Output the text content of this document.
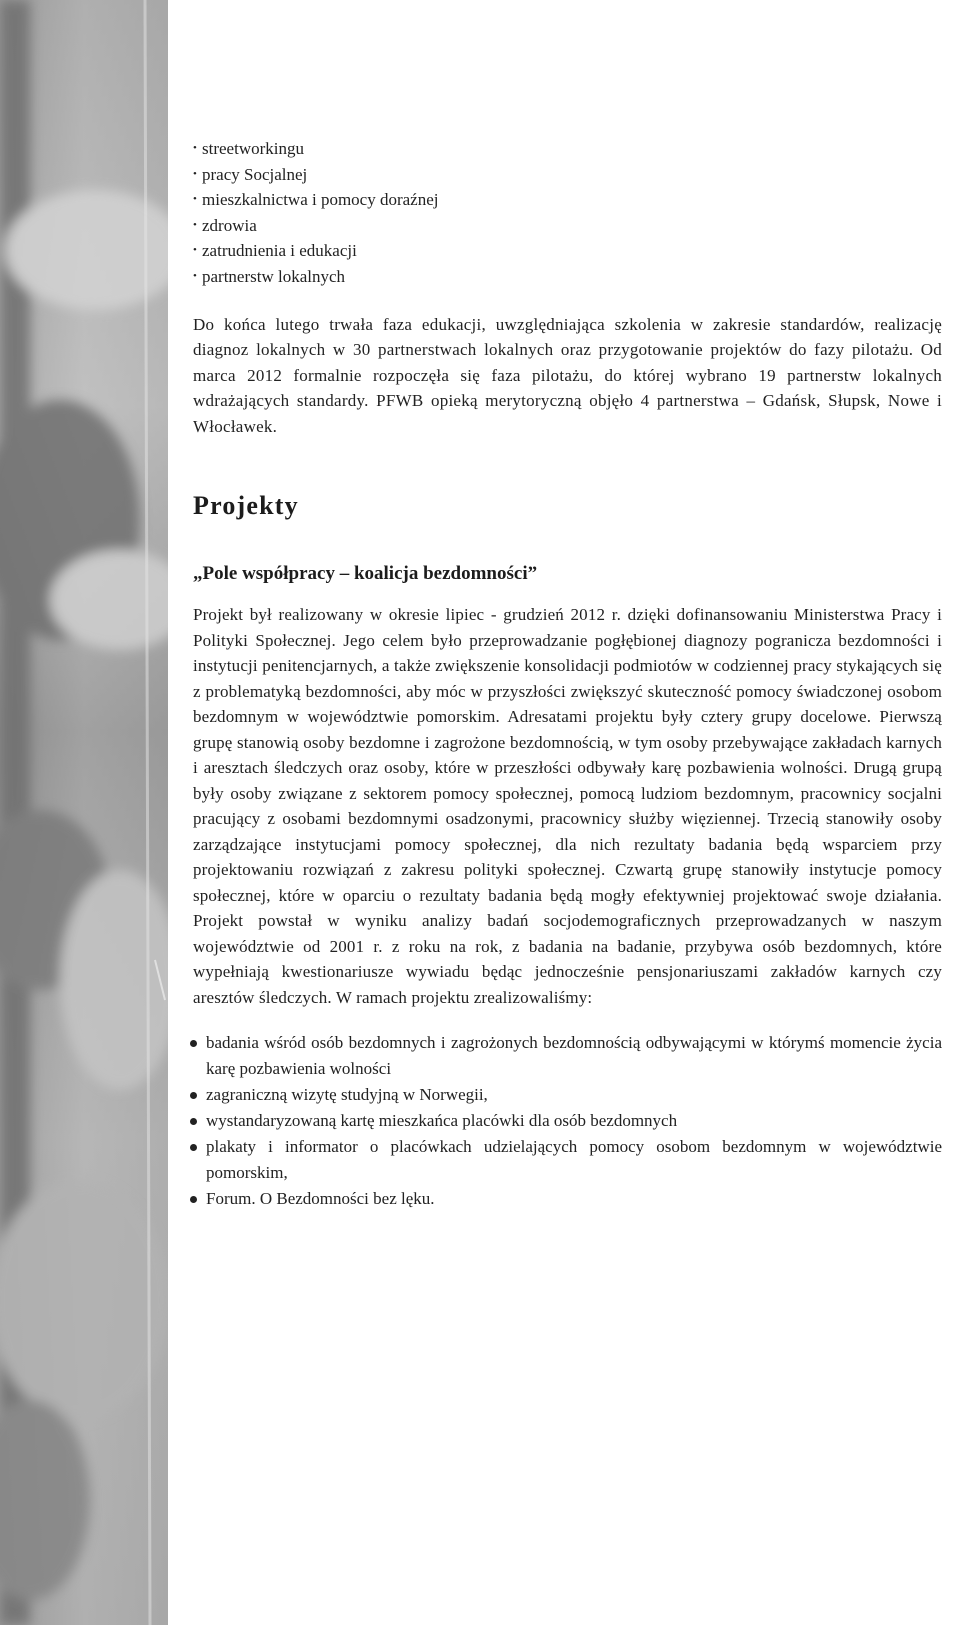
• streetworkingu
• pracy Socjalnej
• mieszkalnictwa i pomocy doraźnej
• zdrowia
• zatrudnienia i edukacji
• partnerstw lokalnych

Do końca lutego trwała faza edukacji, uwzględniająca szkolenia w zakresie standardów, realizację diagnoz lokalnych w 30 partnerstwach lokalnych oraz przygotowanie projektów do fazy pilotażu. Od marca 2012 formalnie rozpoczęła się faza pilotażu, do której wybrano 19 partnerstw lokalnych wdrażających standardy. PFWB opieką merytoryczną objęło 4 partnerstwa – Gdańsk, Słupsk, Nowe i Włocławek.

Projekty
„Pole współpracy – koalicja bezdomności”

Projekt był realizowany w okresie lipiec - grudzień 2012 r. dzięki dofinansowaniu Ministerstwa Pracy i Polityki Społecznej. Jego celem było przeprowadzanie pogłębionej diagnozy pogranicza bezdomności i instytucji penitencjarnych, a także zwiększenie konsolidacji podmiotów w codziennej pracy stykających się z problematyką bezdomności, aby móc w przyszłości zwiększyć skuteczność pomocy świadczonej osobom bezdomnym w województwie pomorskim. Adresatami projektu były cztery grupy docelowe. Pierwszą grupę stanowią osoby bezdomne i zagrożone bezdomnością, w tym osoby przebywające zakładach karnych i aresztach śledczych oraz osoby, które w przeszłości odbywały karę pozbawienia wolności. Drugą grupą były osoby związane z sektorem pomocy społecznej, pomocą ludziom bezdomnym, pracownicy socjalni pracujący z osobami bezdomnymi osadzonymi, pracownicy służby więziennej. Trzecią stanowiły osoby zarządzające instytucjami pomocy społecznej, dla nich rezultaty badania będą wsparciem przy projektowaniu rozwiązań z zakresu polityki społecznej. Czwartą grupę stanowiły instytucje pomocy społecznej, które w oparciu o rezultaty badania będą mogły efektywniej projektować swoje działania. Projekt powstał w wyniku analizy badań socjodemograficznych przeprowadzanych w naszym województwie od 2001 r. z roku na rok, z badania na badanie, przybywa osób bezdomnych, które wypełniają kwestionariusze wywiadu będąc jednocześnie pensjonariuszami zakładów karnych czy aresztów śledczych. W ramach projektu zrealizowaliśmy:

badania wśród osób bezdomnych i zagrożonych bezdomnością odbywającymi w którymś momencie życia karę pozbawienia wolności
zagraniczną wizytę studyjną w Norwegii,
wystandaryzowaną kartę mieszkańca placówki dla osób bezdomnych
plakaty i informator o placówkach udzielających pomocy osobom bezdomnym w województwie pomorskim,
Forum. O Bezdomności bez lęku.
